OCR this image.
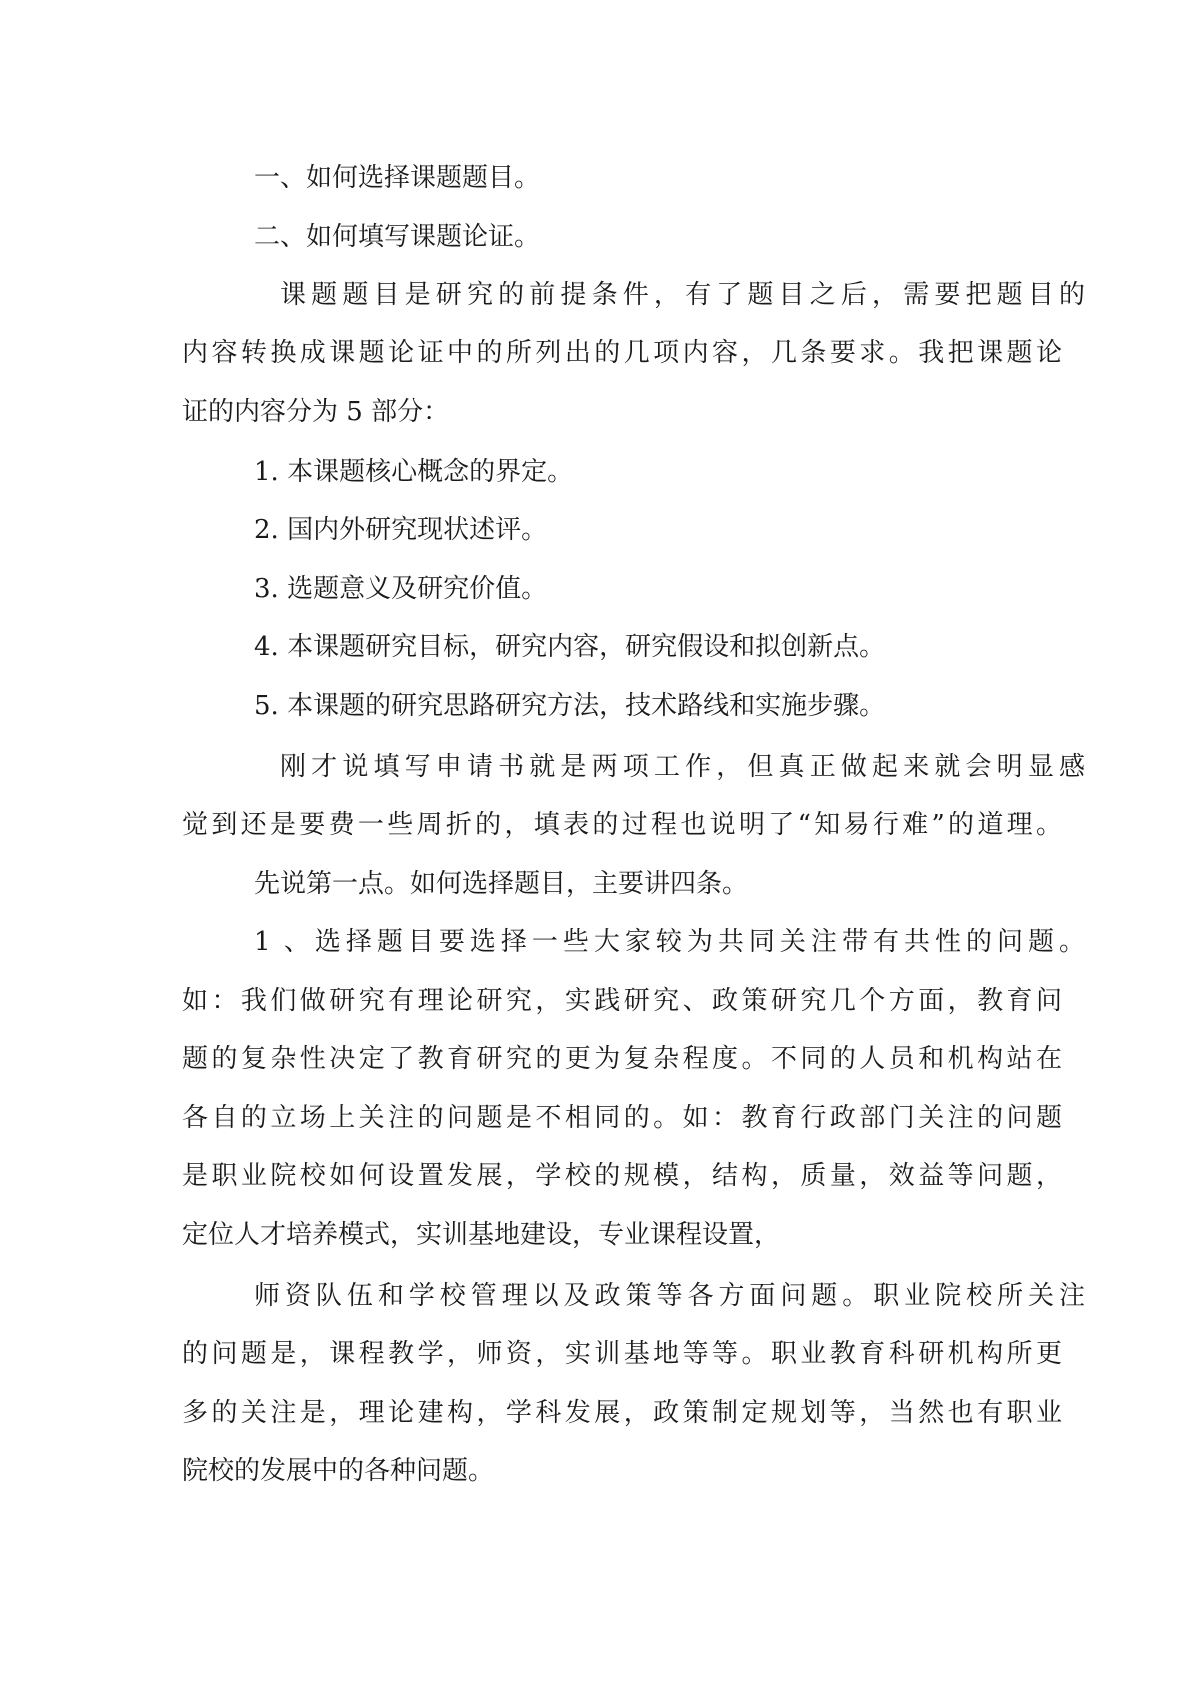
一、如何选择课题题目。

二、如何填写课题论证。

课题题目是研究的前提条件，有了题目之后，需要把题目的

内容转换成课题论证中的所列出的几项内容，几条要求。我把课题论

证的内容分为 5 部分：

1. 本课题核心概念的界定。

2. 国内外研究现状述评。

3. 选题意义及研究价值。

4. 本课题研究目标，研究内容，研究假设和拟创新点。

5. 本课题的研究思路研究方法，技术路线和实施步骤。

刚才说填写申请书就是两项工作，但真正做起来就会明显感

觉到还是要费一些周折的，填表的过程也说明了“知易行难”的道理。

先说第一点。如何选择题目，主要讲四条。

1 、选择题目要选择一些大家较为共同关注带有共性的问题。

如：我们做研究有理论研究，实践研究、政策研究几个方面，教育问

题的复杂性决定了教育研究的更为复杂程度。不同的人员和机构站在

各自的立场上关注的问题是不相同的。如：教育行政部门关注的问题

是职业院校如何设置发展，学校的规模，结构，质量，效益等问题，

定位人才培养模式，实训基地建设，专业课程设置，

师资队伍和学校管理以及政策等各方面问题。职业院校所关注

的问题是，课程教学，师资，实训基地等等。职业教育科研机构所更

多的关注是，理论建构，学科发展，政策制定规划等，当然也有职业

院校的发展中的各种问题。
